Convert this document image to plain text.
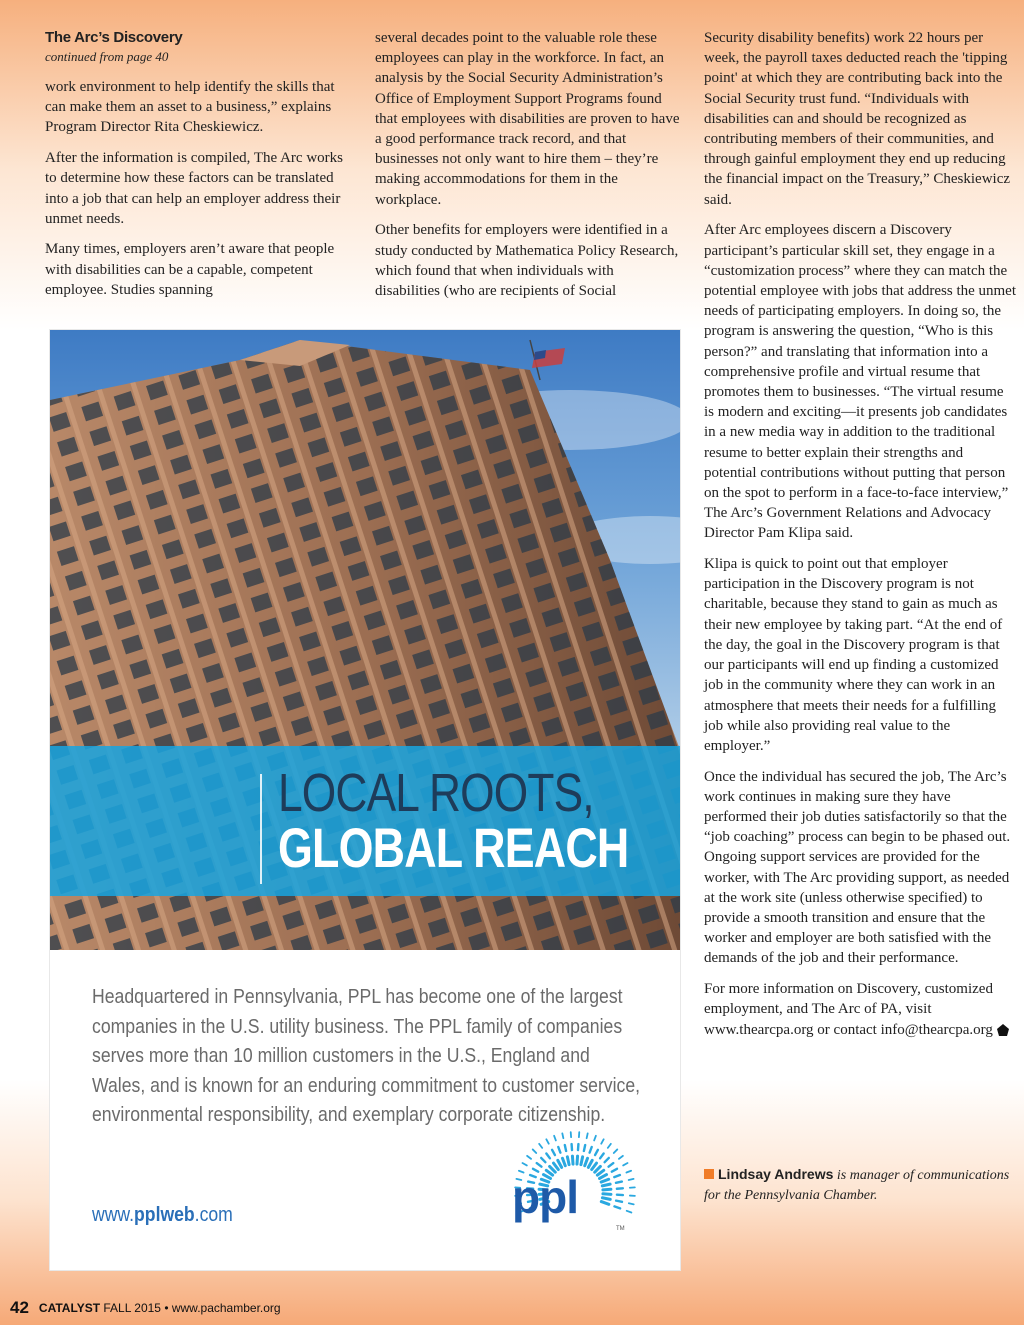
The Arc’s Discovery
continued from page 40

work environment to help identify the skills that can make them an asset to a business,” explains Program Director Rita Cheskiewicz.

After the information is compiled, The Arc works to determine how these factors can be translated into a job that can help an employer address their unmet needs.

Many times, employers aren’t aware that people with disabilities can be a capable, competent employee. Studies spanning

several decades point to the valuable role these employees can play in the workforce. In fact, an analysis by the Social Security Administration’s Office of Employment Support Programs found that employees with disabilities are proven to have a good performance track record, and that businesses not only want to hire them – they’re making accommodations for them in the workplace.

Other benefits for employers were identified in a study conducted by Mathematica Policy Research, which found that when individuals with disabilities (who are recipients of Social

Security disability benefits) work 22 hours per week, the payroll taxes deducted reach the 'tipping point' at which they are contributing back into the Social Security trust fund. “Individuals with disabilities can and should be recognized as contributing members of their communities, and through gainful employment they end up reducing the financial impact on the Treasury,” Cheskiewicz said.

After Arc employees discern a Discovery participant’s particular skill set, they engage in a “customization process” where they can match the potential employee with jobs that address the unmet needs of participating employers. In doing so, the program is answering the question, “Who is this person?” and translating that information into a comprehensive profile and virtual resume that promotes them to businesses. “The virtual resume is modern and exciting—it presents job candidates in a new media way in addition to the traditional resume to better explain their strengths and potential contributions without putting that person on the spot to perform in a face-to-face interview,” The Arc’s Government Relations and Advocacy Director Pam Klipa said.

Klipa is quick to point out that employer participation in the Discovery program is not charitable, because they stand to gain as much as their new employee by taking part. “At the end of the day, the goal in the Discovery program is that our participants will end up finding a customized job in the community where they can work in an atmosphere that meets their needs for a fulfilling job while also providing real value to the employer.”

Once the individual has secured the job, The Arc’s work continues in making sure they have performed their job duties satisfactorily so that the “job coaching” process can begin to be phased out. Ongoing support services are provided for the worker, with The Arc providing support, as needed at the work site (unless otherwise specified) to provide a smooth transition and ensure that the worker and employer are both satisfied with the demands of the job and their performance.

For more information on Discovery, customized employment, and The Arc of PA, visit www.thearcpa.org or contact info@thearcpa.org

LOCAL ROOTS,
GLOBAL REACH
Headquartered in Pennsylvania, PPL has become one of the largest
companies in the U.S. utility business. The PPL family of companies
serves more than 10 million customers in the U.S., England and
Wales, and is known for an enduring commitment to customer service,
environmental responsibility, and exemplary corporate citizenship.
www.pplweb.com	ppl
TM
Lindsay Andrews is manager of communications for the Pennsylvania Chamber.
42 CATALYST FALL 2015 • www.pachamber.org
